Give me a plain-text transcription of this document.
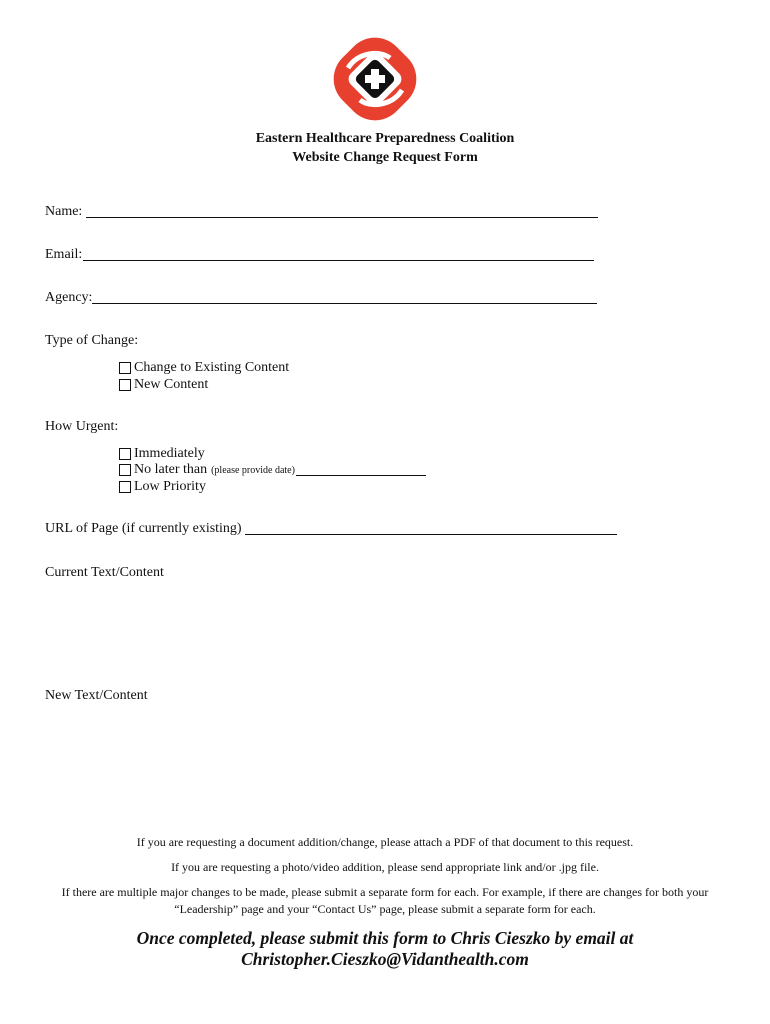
Eastern Healthcare Preparedness Coalition
Website Change Request Form
Name:
Email:
Agency:
Type of Change:
Change to Existing Content
New Content
How Urgent:
Immediately
No later than (please provide date)
Low Priority
URL of Page (if currently existing)
Current Text/Content
New Text/Content
If you are requesting a document addition/change, please attach a PDF of that document to this request.
If you are requesting a photo/video addition, please send appropriate link and/or .jpg file.
If there are multiple major changes to be made, please submit a separate form for each. For example, if there are changes for both your
“Leadership” page and your “Contact Us” page, please submit a separate form for each.
Once completed, please submit this form to Chris Cieszko by email at
Christopher.Cieszko@Vidanthealth.com
